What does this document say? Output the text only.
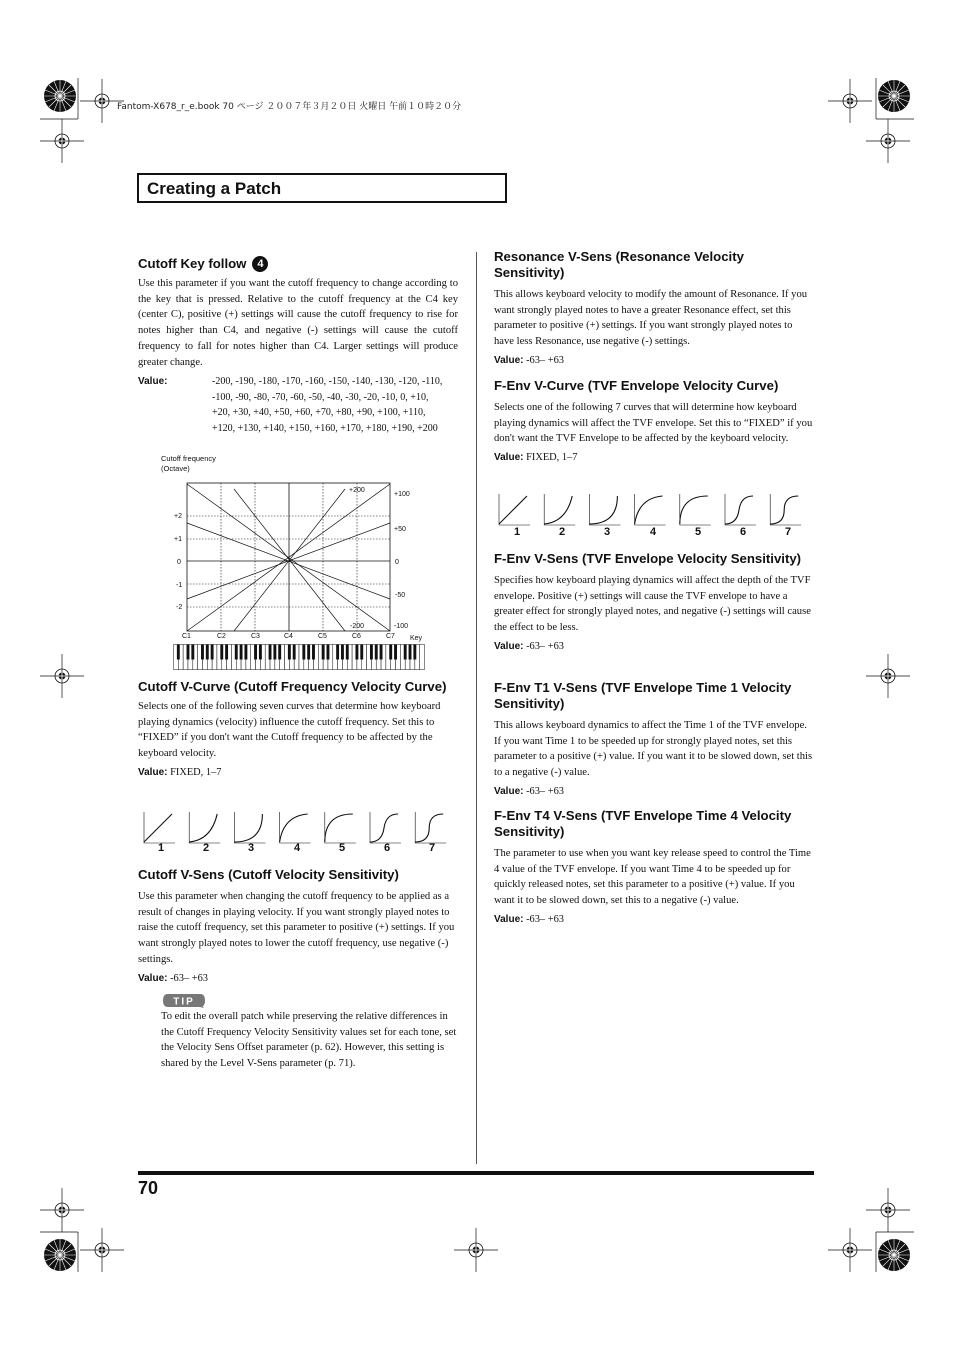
Fantom-X678_r_e.book 70 ページ ２００７年３月２０日 火曜日 午前１０時２０分
Creating a Patch
Cutoff Key follow 4

Use this parameter if you want the cutoff frequency to change according to the key that is pressed. Relative to the cutoff frequency at the C4 key (center C), positive (+) settings will cause the cutoff frequency to rise for notes higher than C4, and negative (-) settings will cause the cutoff frequency to fall for notes higher than C4. Larger settings will produce greater change.

Value:	-200, -190, -180, -170, -160, -150, -140, -130, -120, -110,
-100, -90, -80, -70, -60, -50, -40, -30, -20, -10, 0, +10,
+20, +30, +40, +50, +60, +70, +80, +90, +100, +110,
+120, +130, +140, +150, +160, +170, +180, +190, +200
Cutoff frequency
(Octave)
+2
+1
0
-1
-2
C1	C2	C3	C4	C5	C6	C7 Key
+200
+100
+50
0
-50
-100
-200
Cutoff V-Curve (Cutoff Frequency Velocity Curve)

Selects one of the following seven curves that determine how keyboard playing dynamics (velocity) influence the cutoff frequency. Set this to “FIXED” if you don't want the Cutoff frequency to be affected by the keyboard velocity.

Value: FIXED, 1–7
1	2	3	4	5	6	7
Cutoff V-Sens (Cutoff Velocity Sensitivity)

Use this parameter when changing the cutoff frequency to be applied as a result of changes in playing velocity. If you want strongly played notes to raise the cutoff frequency, set this parameter to positive (+) settings. If you want strongly played notes to lower the cutoff frequency, use negative (-) settings.

Value: -63– +63
TIP

To edit the overall patch while preserving the relative differences in the Cutoff Frequency Velocity Sensitivity values set for each tone, set the Velocity Sens Offset parameter (p. 62). However, this setting is shared by the Level V-Sens parameter (p. 71).

Resonance V-Sens (Resonance Velocity Sensitivity)

This allows keyboard velocity to modify the amount of Resonance. If you want strongly played notes to have a greater Resonance effect, set this parameter to positive (+) settings. If you want strongly played notes to have less Resonance, use negative (-) settings.

Value: -63– +63
F-Env V-Curve (TVF Envelope Velocity Curve)

Selects one of the following 7 curves that will determine how keyboard playing dynamics will affect the TVF envelope. Set this to “FIXED” if you don't want the TVF Envelope to be affected by the keyboard velocity.

Value: FIXED, 1–7
1	2	3	4	5	6	7
F-Env V-Sens (TVF Envelope Velocity Sensitivity)

Specifies how keyboard playing dynamics will affect the depth of the TVF envelope. Positive (+) settings will cause the TVF envelope to have a greater effect for strongly played notes, and negative (-) settings will cause the effect to be less.

Value: -63– +63
F-Env T1 V-Sens (TVF Envelope Time 1 Velocity Sensitivity)

This allows keyboard dynamics to affect the Time 1 of the TVF envelope. If you want Time 1 to be speeded up for strongly played notes, set this parameter to a positive (+) value. If you want it to be slowed down, set this to a negative (-) value.

Value: -63– +63
F-Env T4 V-Sens (TVF Envelope Time 4 Velocity Sensitivity)

The parameter to use when you want key release speed to control the Time 4 value of the TVF envelope. If you want Time 4 to be speeded up for quickly released notes, set this parameter to a positive (+) value. If you want it to be slowed down, set this to a negative (-) value.

Value: -63– +63
70
